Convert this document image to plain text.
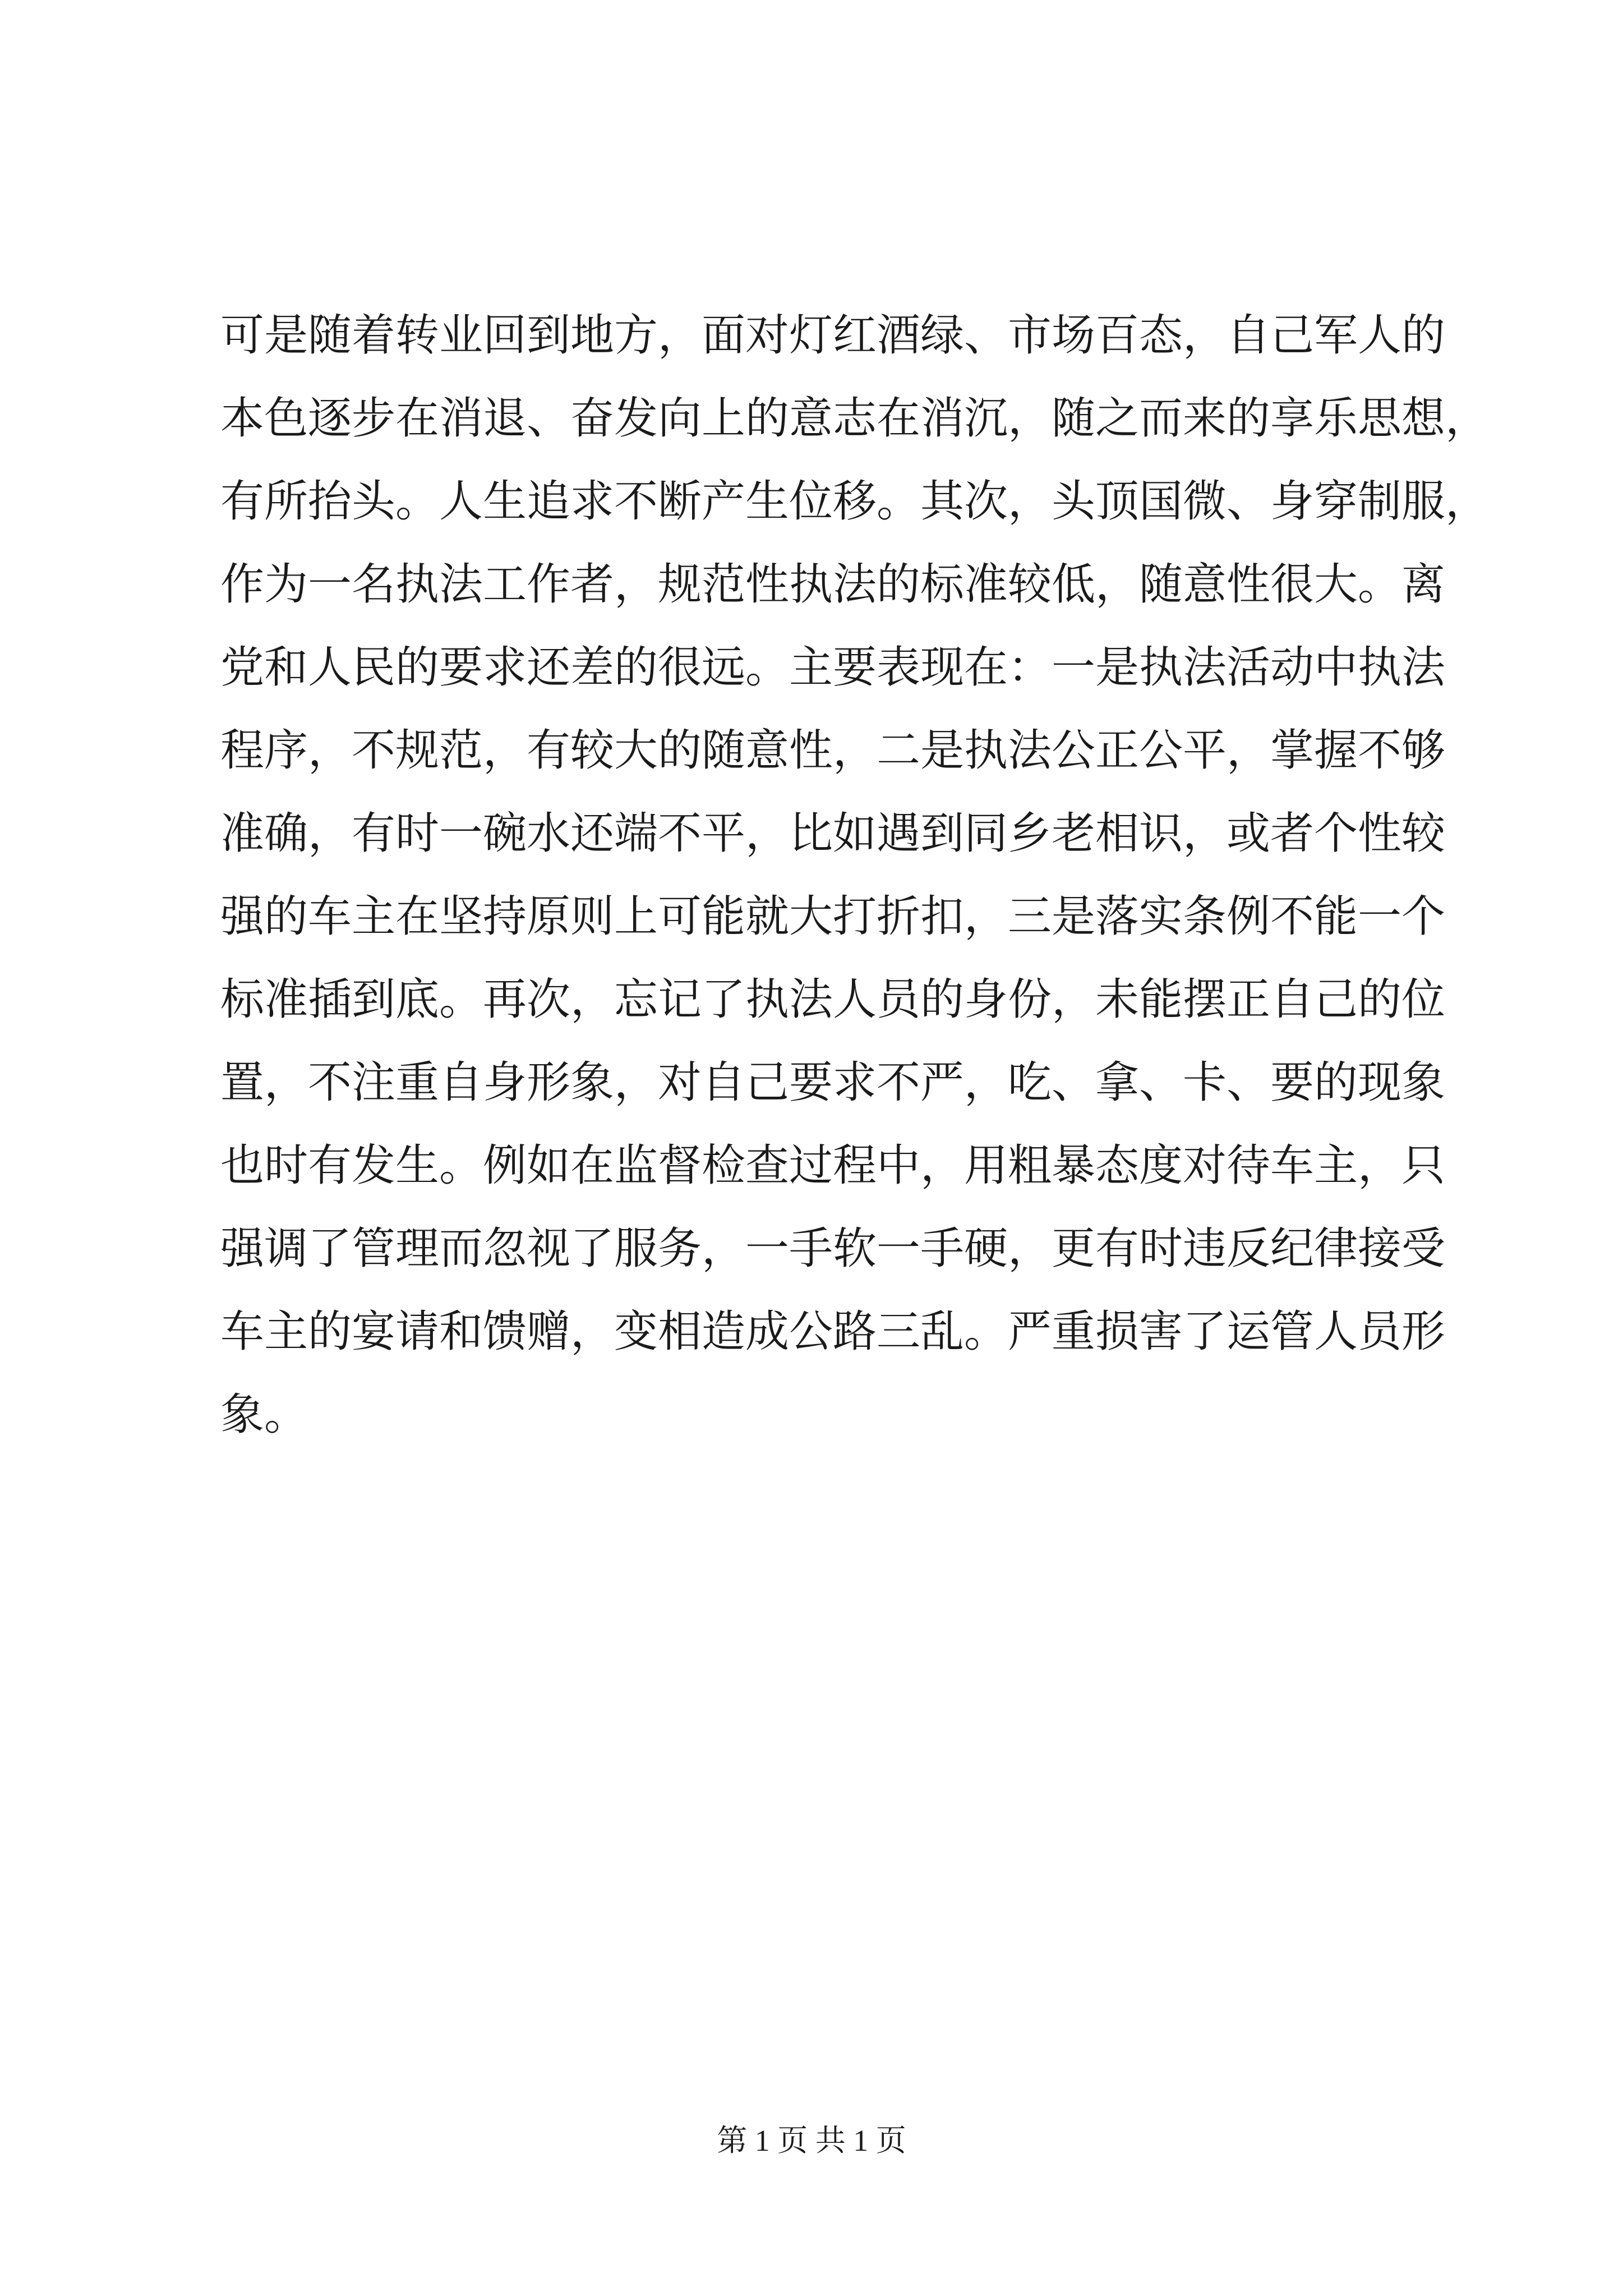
可是随着转业回到地方，面对灯红酒绿、市场百态，自己军人的
本色逐步在消退、奋发向上的意志在消沉，随之而来的享乐思想，
有所抬头。人生追求不断产生位移。其次，头顶国微、身穿制服，
作为一名执法工作者，规范性执法的标准较低，随意性很大。离
党和人民的要求还差的很远。主要表现在：一是执法活动中执法
程序，不规范，有较大的随意性，二是执法公正公平，掌握不够
准确，有时一碗水还端不平，比如遇到同乡老相识，或者个性较
强的车主在坚持原则上可能就大打折扣，三是落实条例不能一个
标准插到底。再次，忘记了执法人员的身份，未能摆正自己的位
置，不注重自身形象，对自己要求不严，吃、拿、卡、要的现象
也时有发生。例如在监督检查过程中，用粗暴态度对待车主，只
强调了管理而忽视了服务，一手软一手硬，更有时违反纪律接受
车主的宴请和馈赠，变相造成公路三乱。严重损害了运管人员形
象。
第 1 页 共 1 页
